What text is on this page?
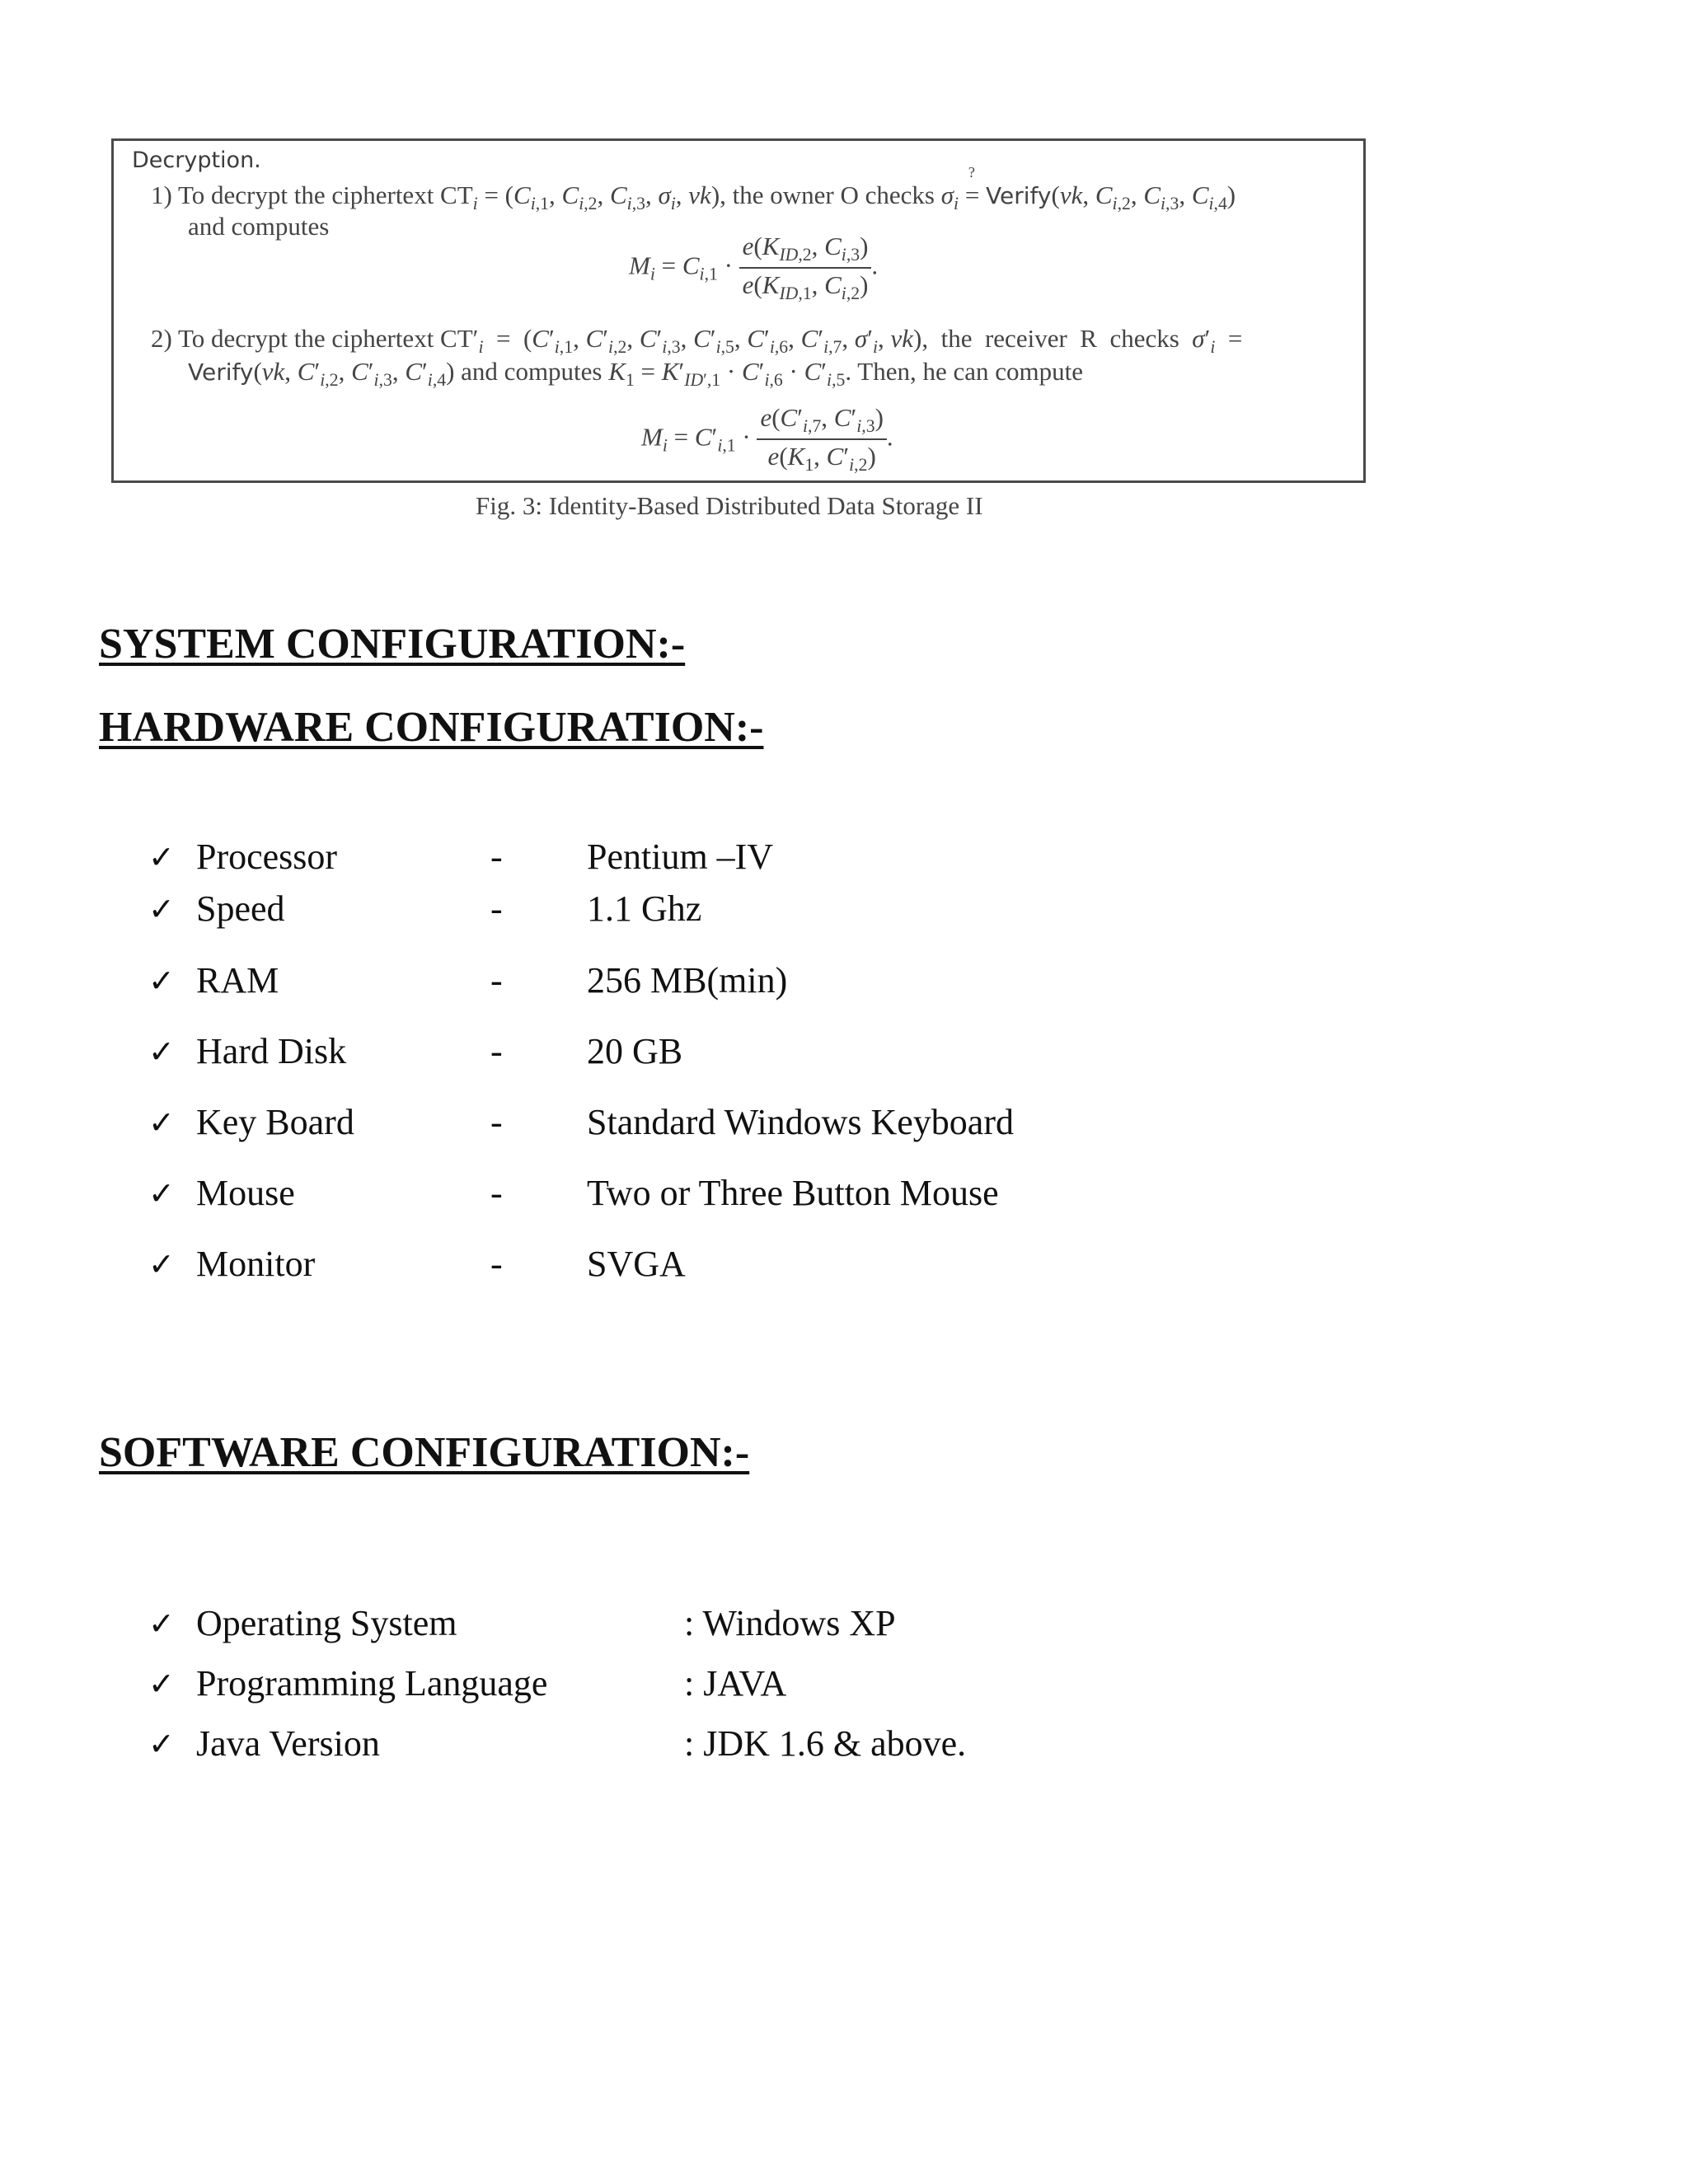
Decryption.
1) To decrypt the ciphertext $CT_i = (C_{i,1}$, $C_{i,2}$, $C_{i,3}$, $\sigma_i$, vk), the owner O checks $\sigma_i$ =
?
Verify(vk, $C_{i,2}$, $C_{i,3}$, $C_{i,4}$)
and computes
$M_i = C_{i,1} \cdot \frac{e(K_{ID,2}, C_{i,3})}{e(K_{ID,1}, C_{i,2})}$ .
2) To decrypt the ciphertext $CT'_i = (C'_{i,1}$, $C'_{i,2}$, $C'_{i,3}$, $C'_{i,5}$, $C'_{i,6}$, $C'_{i,7}$, $\sigma'_i$, vk),  the  receiver  R  checks  $\sigma'_i$  =
Verify(vk, $C'_{i,2}$, $C'_{i,3}$, $C'_{i,4}$) and computes $K_1 = K'_{ID',1} \cdot C'_{i,6} \cdot C'_{i,5}$. Then, he can compute
$M_i = C'_{i,1} \cdot \frac{e(C'_{i,7}, C'_{i,3})}{e(K_1, C'_{i,2})}$ .
Fig. 3: Identity-Based Distributed Data Storage II
SYSTEM CONFIGURATION:-
HARDWARE CONFIGURATION:-
✓ Processor	- Pentium –IV
✓ Speed	- 1.1 Ghz
✓ RAM	- 256 MB(min)
✓ Hard Disk	- 20 GB
✓ Key Board	- Standard Windows Keyboard
✓ Mouse	- Two or Three Button Mouse
✓ Monitor	- SVGA
SOFTWARE CONFIGURATION:-
✓ Operating System	: Windows XP
✓ Programming Language	: JAVA
✓ Java Version	: JDK 1.6 & above.
